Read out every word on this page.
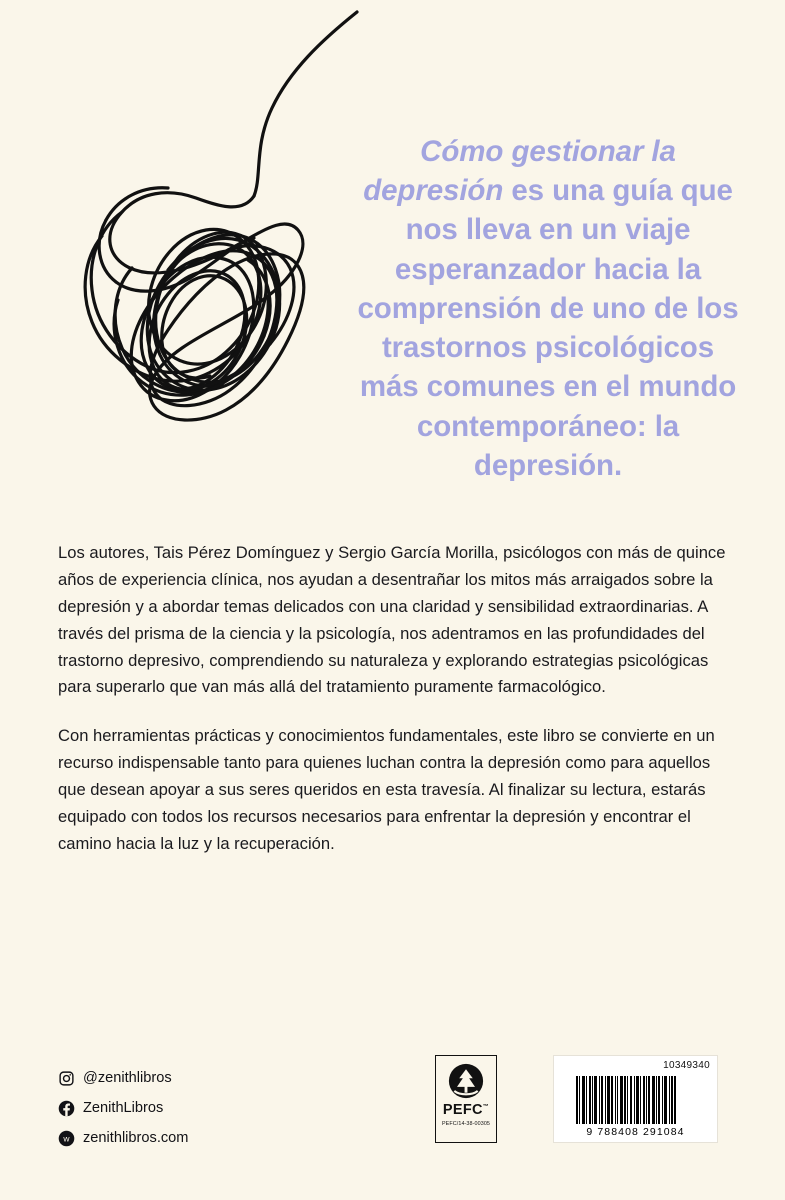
Cómo gestionar la depresión es una guía que nos lleva en un viaje esperanzador hacia la comprensión de uno de los trastornos psicológicos más comunes en el mundo contemporáneo: la depresión.

Los autores, Tais Pérez Domínguez y Sergio García Morilla, psicólogos con más de quince años de experiencia clínica, nos ayudan a desentrañar los mitos más arraigados sobre la depresión y a abordar temas delicados con una claridad y sensibilidad extraordinarias. A través del prisma de la ciencia y la psicología, nos adentramos en las profundidades del trastorno depresivo, comprendiendo su naturaleza y explorando estrategias psicológicas para superarlo que van más allá del tratamiento puramente farmacológico.

Con herramientas prácticas y conocimientos fundamentales, este libro se convierte en un recurso indispensable tanto para quienes luchan contra la depresión como para aquellos que desean apoyar a sus seres queridos en esta travesía. Al finalizar su lectura, estarás equipado con todos los recursos necesarios para enfrentar la depresión y encontrar el camino hacia la luz y la recuperación.

@zenithlibros
ZenithLibros
w zenithlibros.com
PEFC™
PEFC/14-38-00305
10349340
9 788408 291084
